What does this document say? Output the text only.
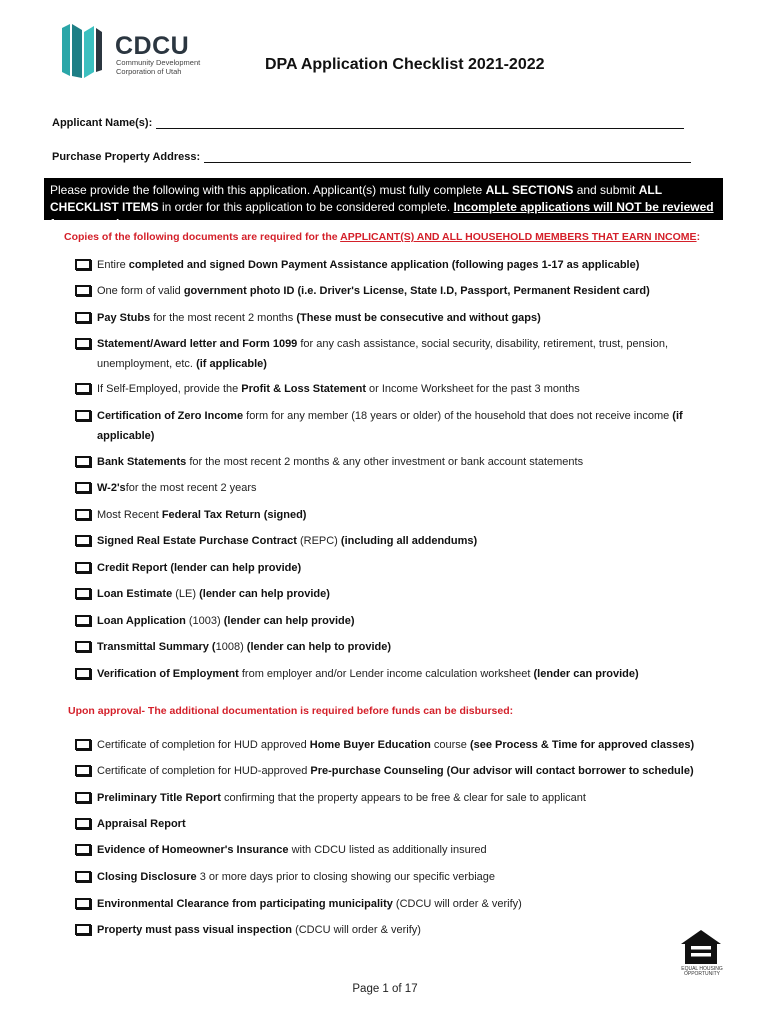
CDCU
Community Development
Corporation of Utah	DPA Application Checklist 2021-2022
Applicant Name(s):
Purchase Property Address:
Please provide the following with this application. Applicant(s) must fully complete ALL SECTIONS and submit ALL CHECKLIST ITEMS in order for this application to be considered complete. Incomplete applications will NOT be reviewed for approval.
Copies of the following documents are required for the APPLICANT(S) AND ALL HOUSEHOLD MEMBERS THAT EARN INCOME:
Entire completed and signed Down Payment Assistance application (following pages 1-17 as applicable)
One form of valid government photo ID (i.e. Driver's License, State I.D, Passport, Permanent Resident card)
Pay Stubs for the most recent 2 months (These must be consecutive and without gaps)
Statement/Award letter and Form 1099 for any cash assistance, social security, disability, retirement, trust, pension, unemployment, etc. (if applicable)
If Self-Employed, provide the Profit & Loss Statement or Income Worksheet for the past 3 months
Certification of Zero Income form for any member (18 years or older) of the household that does not receive income (if applicable)
Bank Statements for the most recent 2 months & any other investment or bank account statements
W-2'sfor the most recent 2 years
Most Recent Federal Tax Return (signed)
Signed Real Estate Purchase Contract (REPC) (including all addendums)
Credit Report (lender can help provide)
Loan Estimate (LE) (lender can help provide)
Loan Application (1003) (lender can help provide)
Transmittal Summary (1008) (lender can help to provide)
Verification of Employment from employer and/or Lender income calculation worksheet (lender can provide)
Upon approval- The additional documentation is required before funds can be disbursed:
Certificate of completion for HUD approved Home Buyer Education course (see Process & Time for approved classes)
Certificate of completion for HUD-approved Pre-purchase Counseling (Our advisor will contact borrower to schedule)
Preliminary Title Report confirming that the property appears to be free & clear for sale to applicant
Appraisal Report
Evidence of Homeowner's Insurance with CDCU listed as additionally insured
Closing Disclosure 3 or more days prior to closing showing our specific verbiage
Environmental Clearance from participating municipality (CDCU will order & verify)
Property must pass visual inspection (CDCU will order & verify)
EQUAL HOUSING
OPPORTUNITY
Page 1 of 17
